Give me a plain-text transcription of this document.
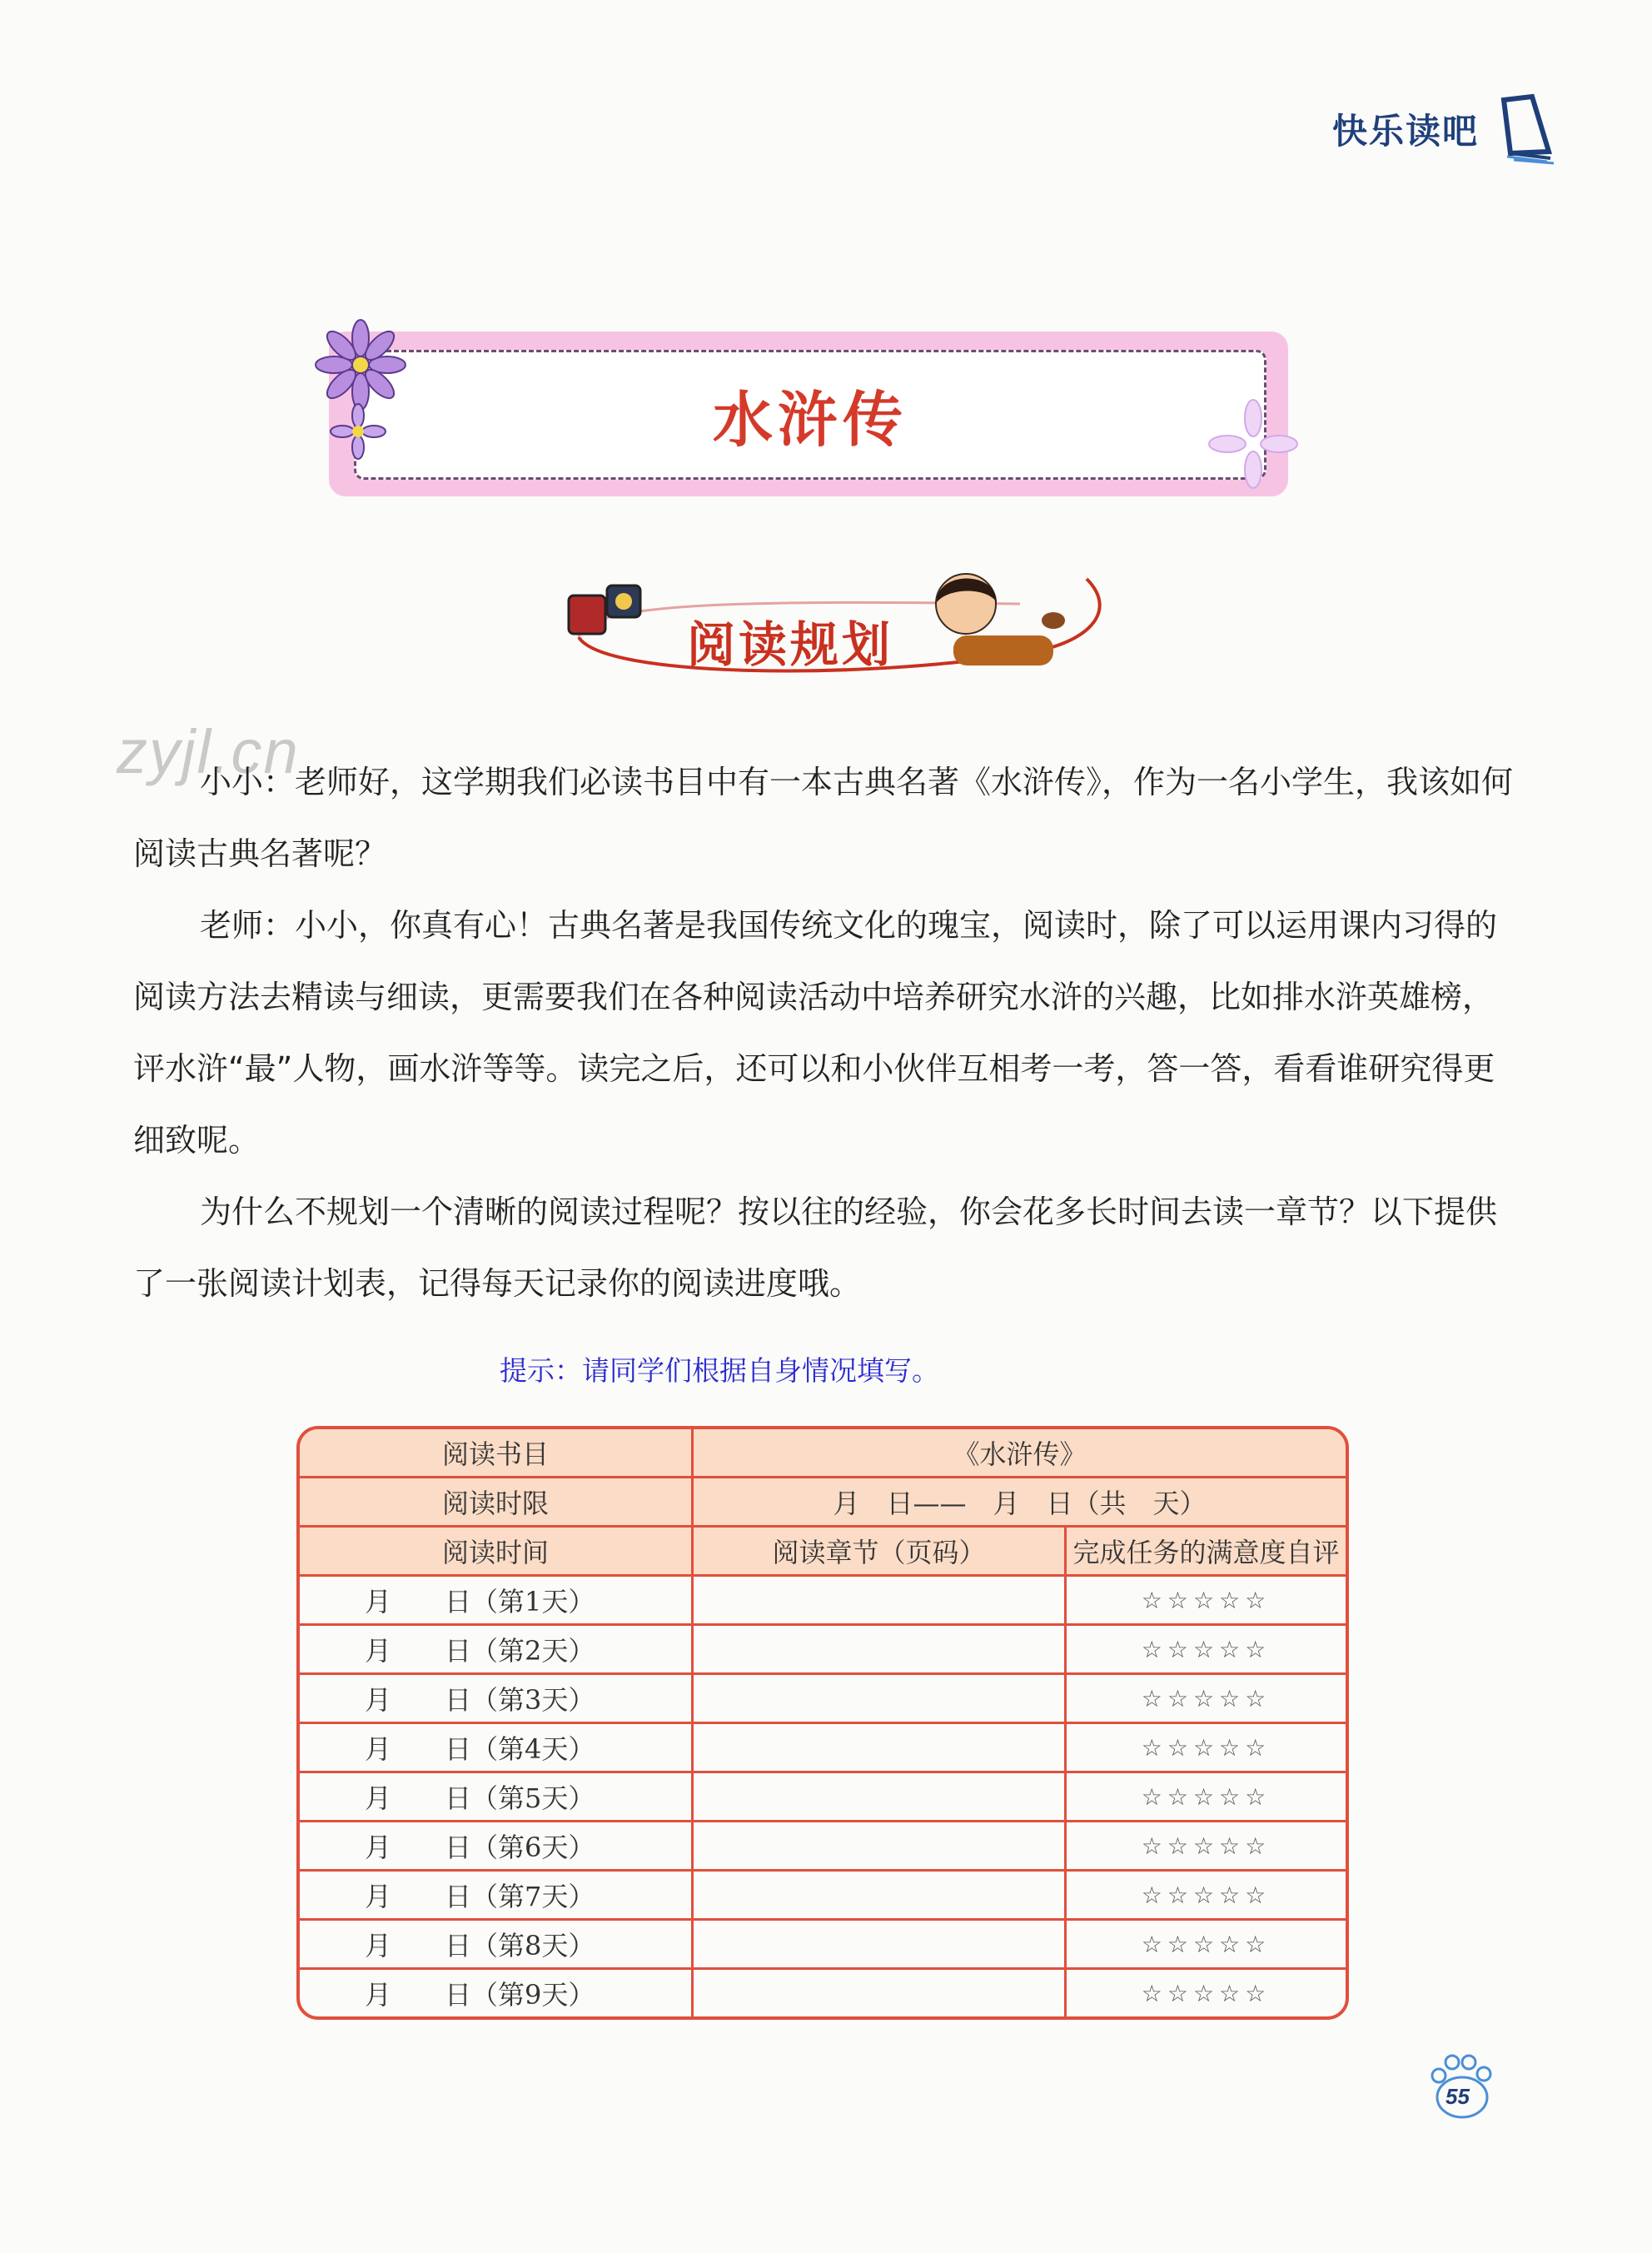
快乐读吧
水浒传
阅读规划
zyjl.cn
小小：老师好，这学期我们必读书目中有一本古典名著《水浒传》，作为一名小学生，我该如何阅读古典名著呢？
老师：小小，你真有心！古典名著是我国传统文化的瑰宝，阅读时，除了可以运用课内习得的阅读方法去精读与细读，更需要我们在各种阅读活动中培养研究水浒的兴趣，比如排水浒英雄榜，评水浒“最”人物，画水浒等等。读完之后，还可以和小伙伴互相考一考，答一答，看看谁研究得更细致呢。
为什么不规划一个清晰的阅读过程呢？按以往的经验，你会花多长时间去读一章节？以下提供了一张阅读计划表，记得每天记录你的阅读进度哦。
提示：请同学们根据自身情况填写。
阅读书目	《水浒传》	
阅读时限	月　日——　月　日（共　天）	
阅读时间	阅读章节（页码）	完成任务的满意度自评
月　　日（第1天）		☆☆☆☆☆
月　　日（第2天）		☆☆☆☆☆
月　　日（第3天）		☆☆☆☆☆
月　　日（第4天）		☆☆☆☆☆
月　　日（第5天）		☆☆☆☆☆
月　　日（第6天）		☆☆☆☆☆
月　　日（第7天）		☆☆☆☆☆
月　　日（第8天）		☆☆☆☆☆
月　　日（第9天）		☆☆☆☆☆
55
